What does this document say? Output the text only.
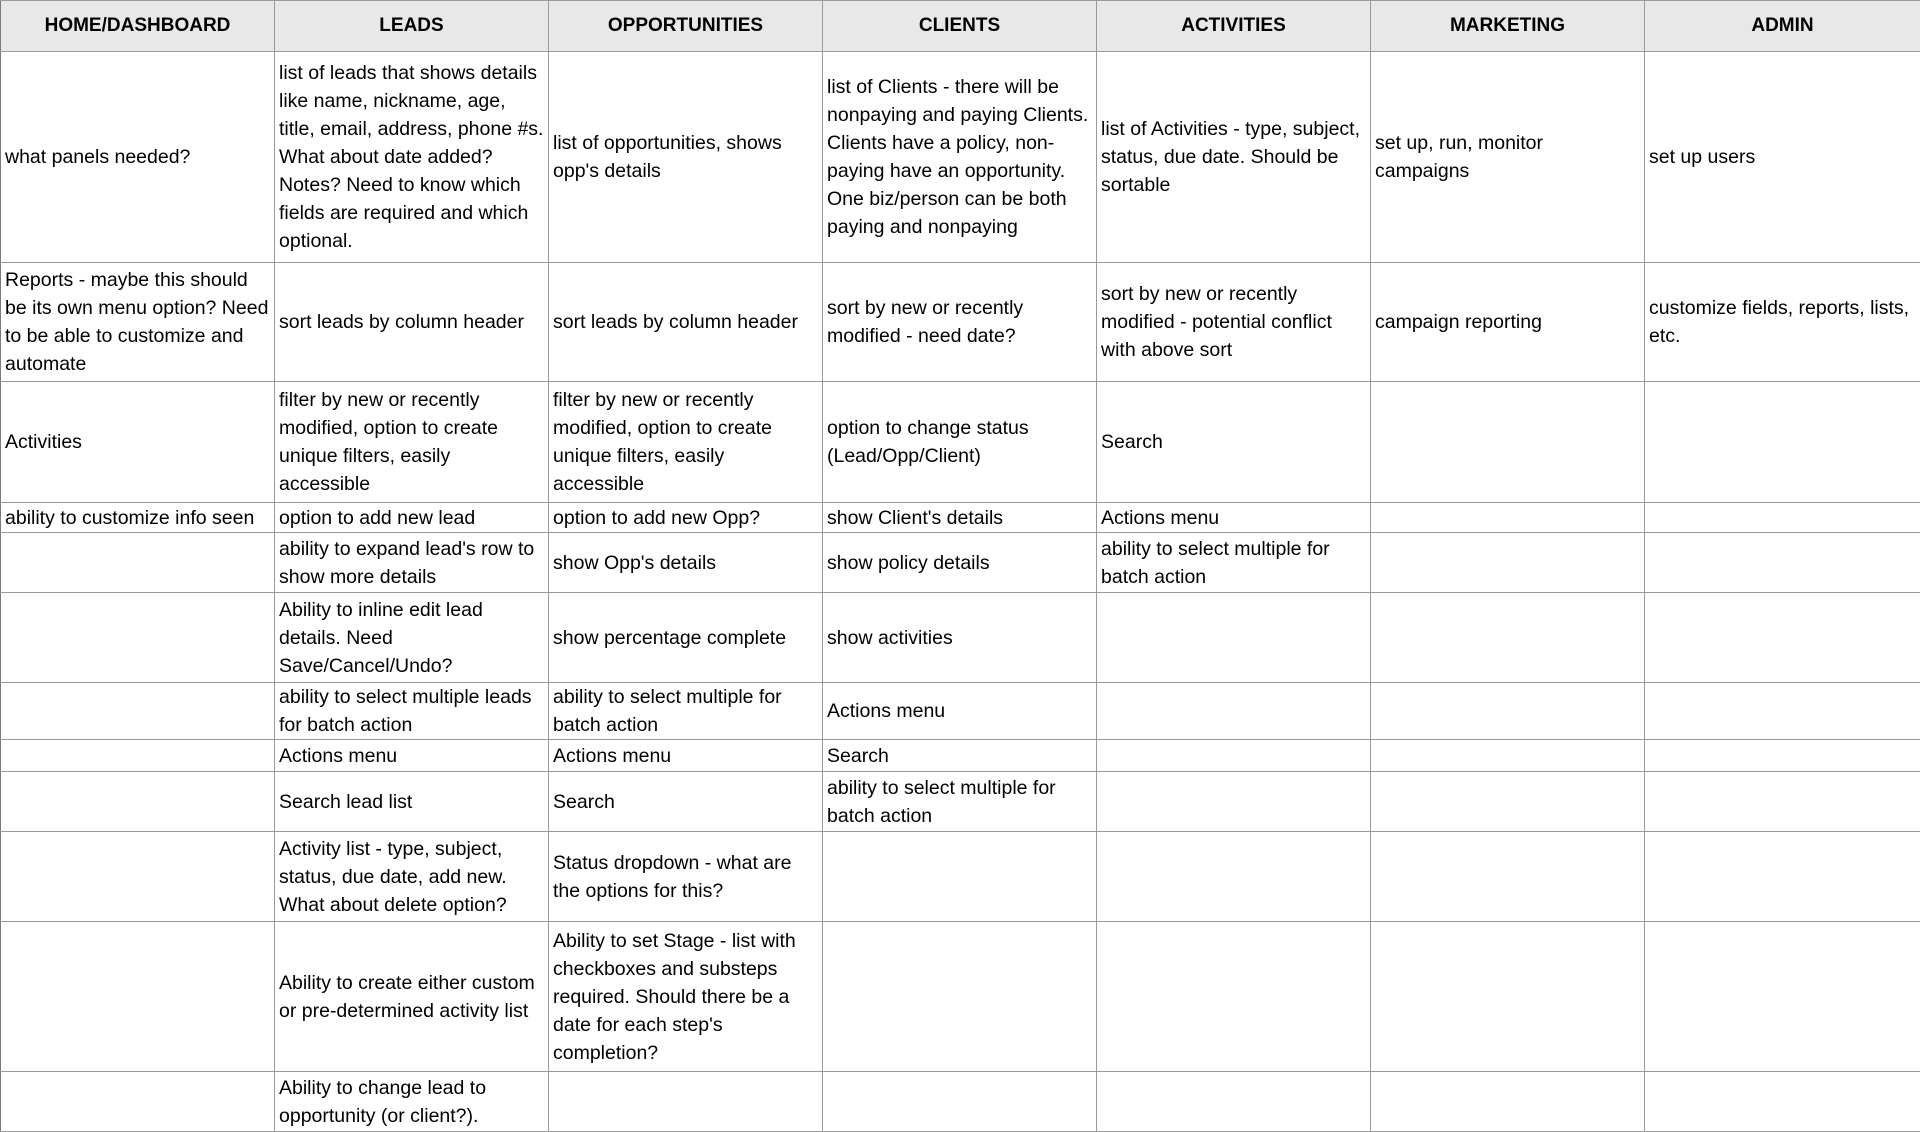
HOME/DASHBOARD	LEADS	OPPORTUNITIES	CLIENTS	ACTIVITIES	MARKETING	ADMIN
what panels needed?	list of leads that shows details like name, nickname, age, title, email, address, phone #s. What about date added? Notes? Need to know which fields are required and which optional.	list of opportunities, shows opp's details	list of Clients - there will be nonpaying and paying Clients. Clients have a policy, non-paying have an opportunity. One biz/person can be both paying and nonpaying	list of Activities - type, subject, status, due date. Should be sortable	set up, run, monitor campaigns	set up users
Reports - maybe this should be its own menu option? Need to be able to customize and automate	sort leads by column header	sort leads by column header	sort by new or recently modified - need date?	sort by new or recently modified - potential conflict with above sort	campaign reporting	customize fields, reports, lists, etc.
Activities	filter by new or recently modified, option to create unique filters, easily accessible	filter by new or recently modified, option to create unique filters, easily accessible	option to change status (Lead/Opp/Client)	Search		
ability to customize info seen	option to add new lead	option to add new Opp?	show Client's details	Actions menu		
	ability to expand lead's row to show more details	show Opp's details	show policy details	ability to select multiple for batch action		
	Ability to inline edit lead details. Need Save/Cancel/Undo?	show percentage complete	show activities			
	ability to select multiple leads for batch action	ability to select multiple for batch action	Actions menu			
	Actions menu	Actions menu	Search			
	Search lead list	Search	ability to select multiple for batch action			
	Activity list - type, subject, status, due date, add new. What about delete option?	Status dropdown - what are the options for this?				
	Ability to create either custom or pre-determined activity list	Ability to set Stage - list with checkboxes and substeps required. Should there be a date for each step's completion?				
	Ability to change lead to opportunity (or client?).					
